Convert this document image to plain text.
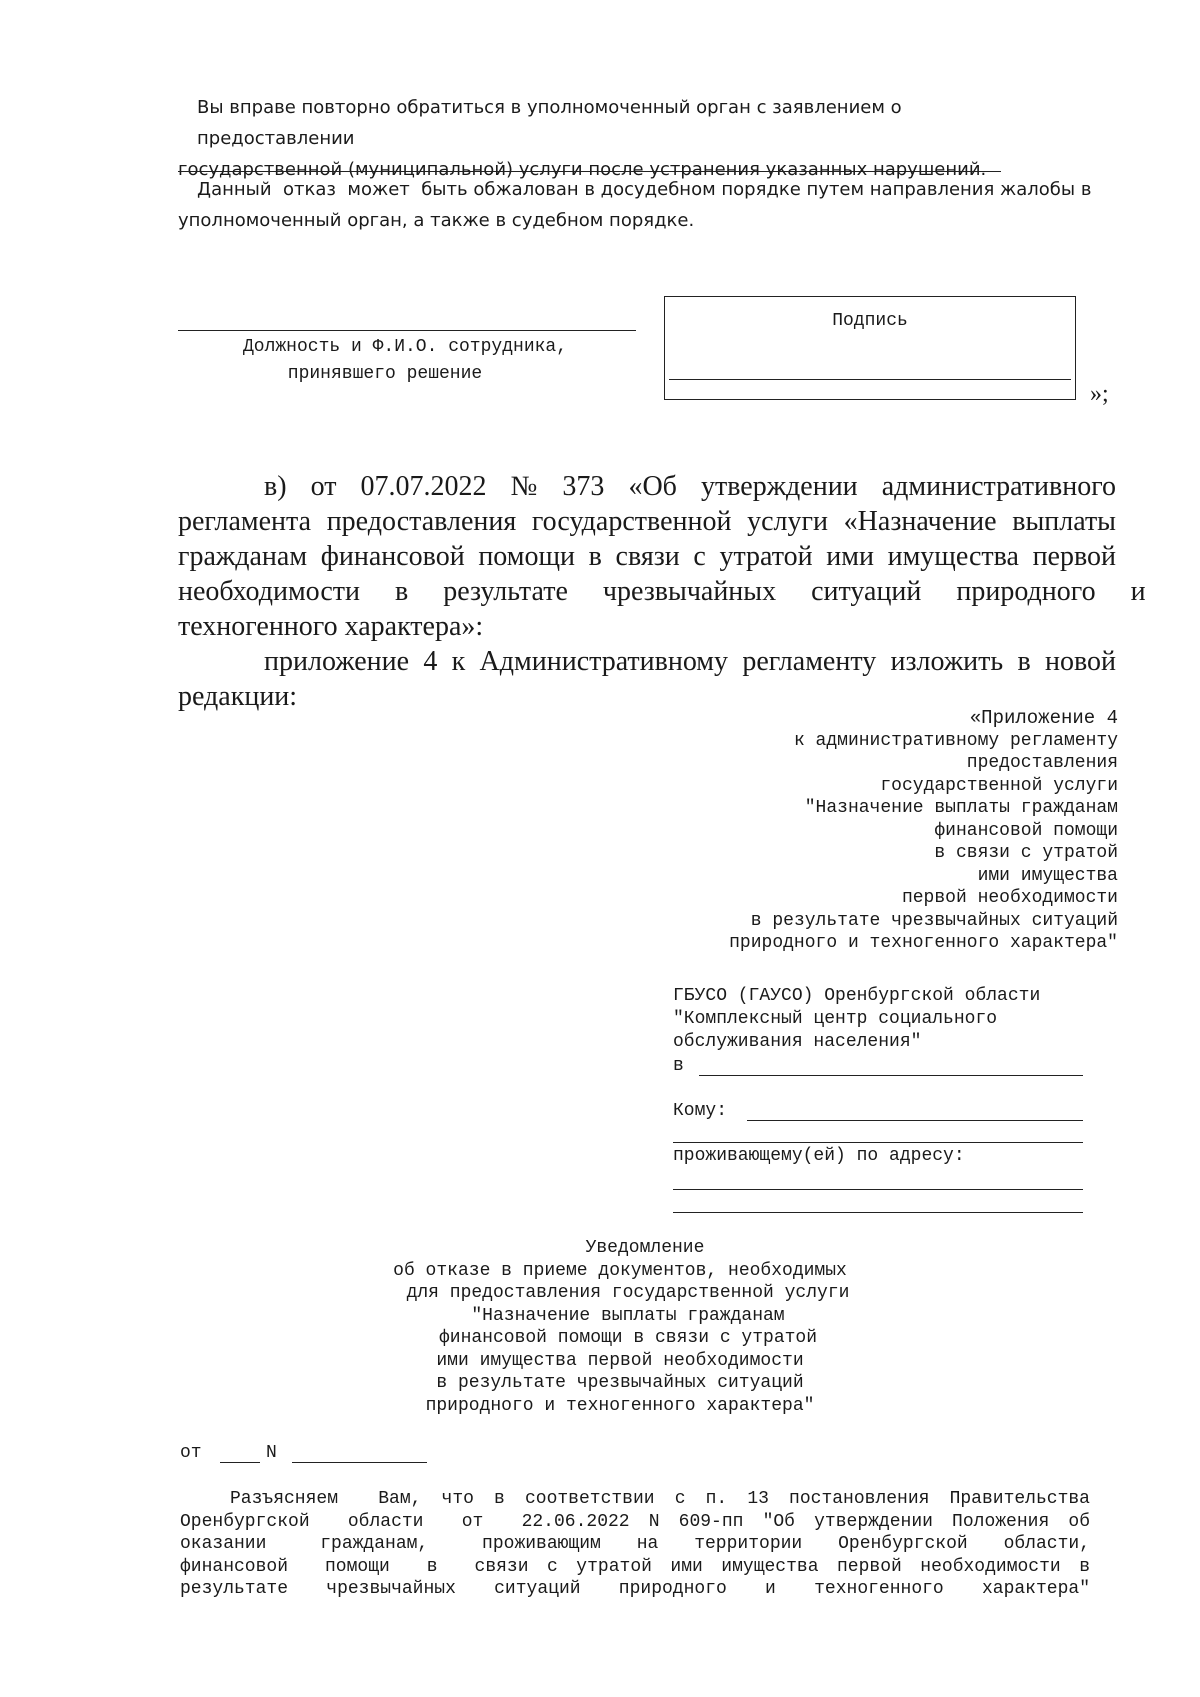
Вы вправе повторно обратиться в уполномоченный орган с заявлением о предоставлении
государственной (муниципальной) услуги после устранения указанных нарушений.
Данный  отказ  может  быть обжалован в досудебном порядке путем направления жалобы в
уполномоченный орган, а также в судебном порядке.
Должность и Ф.И.О. сотрудника,
принявшего решение
Подпись
»;
в)   от   07.07.2022   №   373   «Об   утверждении   административного
регламента предоставления государственной услуги «Назначение выплаты
гражданам финансовой помощи в связи с утратой ими имущества первой
необходимости     в     результате     чрезвычайных     ситуаций     природного     и
техногенного характера»:
приложение 4 к Административному регламенту изложить в новой
редакции:
«Приложение 4
к административному регламенту
предоставления
государственной услуги
"Назначение выплаты гражданам
финансовой помощи
в связи с утратой
ими имущества
первой необходимости
в результате чрезвычайных ситуаций
природного и техногенного характера"
ГБУСО (ГАУСО) Оренбургской области
"Комплексный центр социального
обслуживания населения"
в
Кому:
проживающему(ей) по адресу:
Уведомление
об отказе в приеме документов, необходимых
для предоставления государственной услуги
"Назначение выплаты гражданам
финансовой помощи в связи с утратой
ими имущества первой необходимости
в результате чрезвычайных ситуаций
природного и техногенного характера"
от	N
Разъясняем  Вам, что в соответствии с п. 13 постановления Правительства
Оренбургской  области  от  22.06.2022 N 609-пп "Об утверждении Положения об
оказании   гражданам,   проживающим  на  территории  Оренбургской  области,
финансовой  помощи  в  связи с утратой ими имущества первой необходимости в
результате  чрезвычайных  ситуаций  природного  и  техногенного  характера"
